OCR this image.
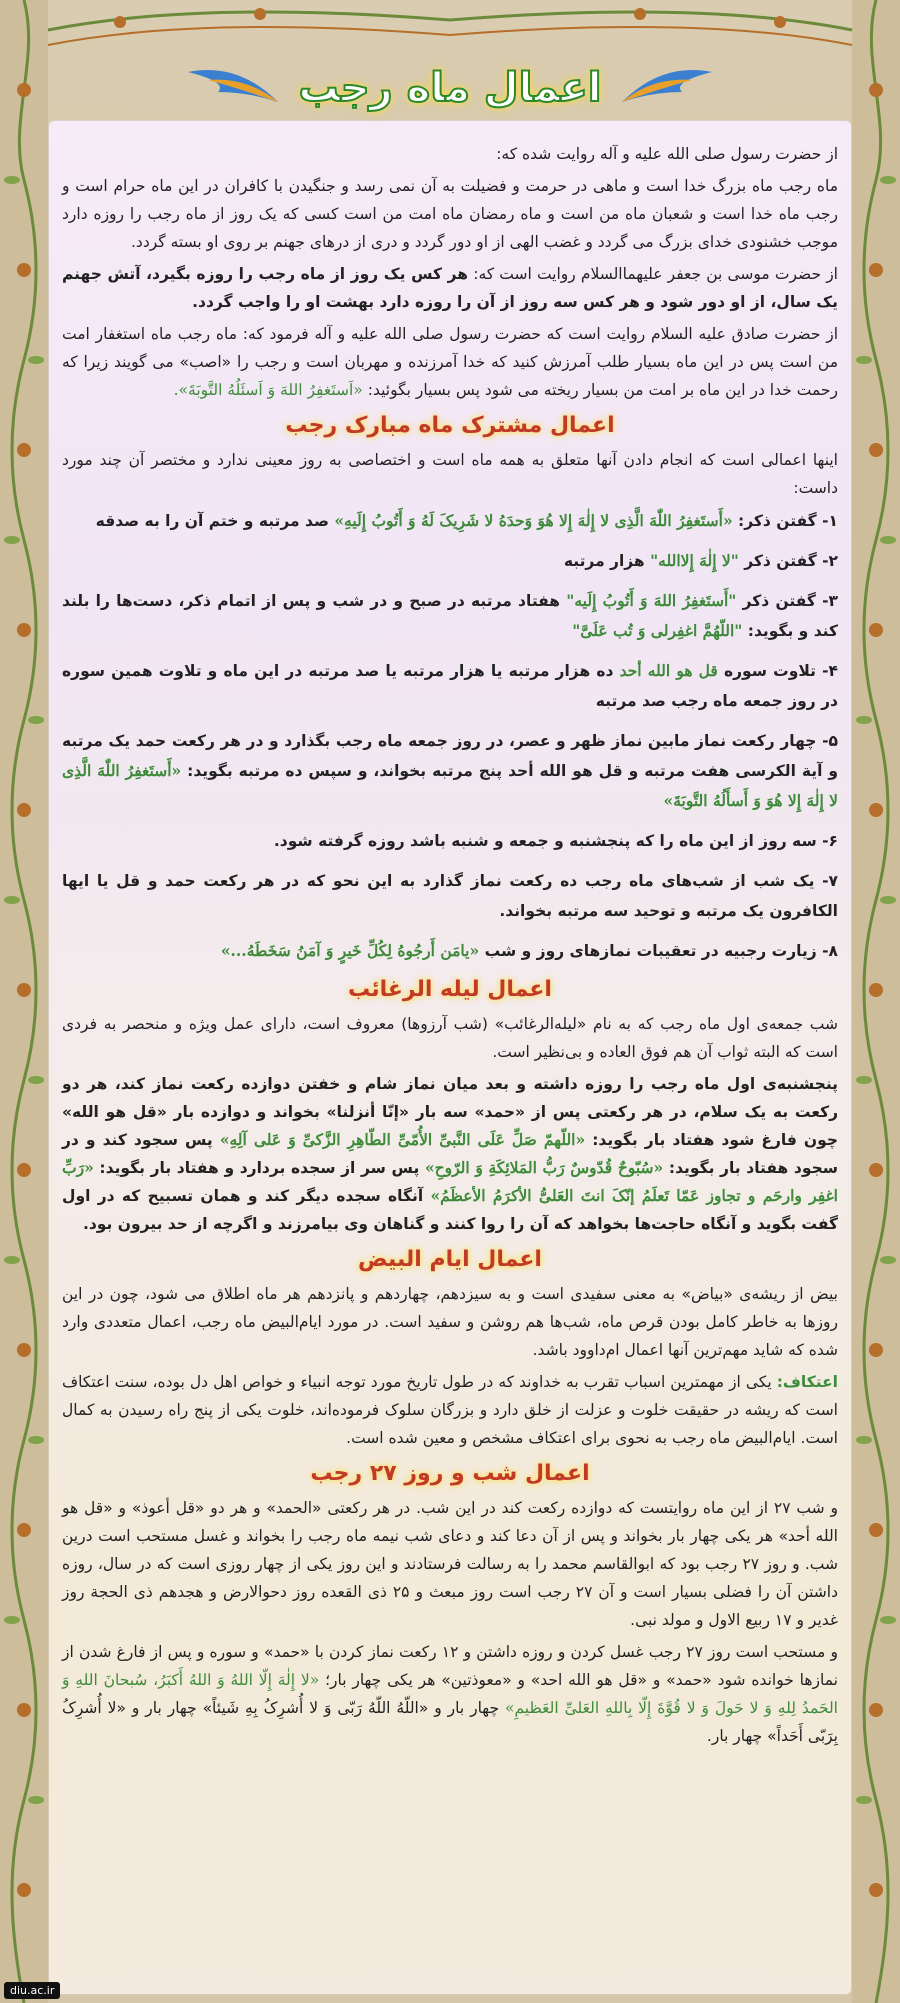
اعمال ماه رجب

از حضرت رسول صلی الله علیه و آله روایت شده که:

ماه رجب ماه بزرگ خدا است و ماهی در حرمت و فضیلت به آن نمی رسد و جنگیدن با کافران در این ماه حرام است و رجب ماه خدا است و شعبان ماه من است و ماه رمضان ماه امت من است کسی که یک روز از ماه رجب را روزه دارد موجب خشنودی خدای بزرگ می گردد و غضب الهی از او دور گردد و دری از درهای جهنم بر روی او بسته گردد.

از حضرت موسی بن جعفر علیهماالسلام روایت است که: هر کس یک روز از ماه رجب را روزه بگیرد، آتش جهنم یک سال، از او دور شود و هر کس سه روز از آن را روزه دارد بهشت او را واجب گردد.

از حضرت صادق علیه السلام روایت است که حضرت رسول صلی الله علیه و آله فرمود که: ماه رجب ماه استغفار امت من است پس در این ماه بسیار طلب آمرزش کنید که خدا آمرزنده و مهربان است و رجب را «اصب» می گویند زیرا که رحمت خدا در این ماه بر امت من بسیار ریخته می شود پس بسیار بگوئید: «اَستَغفِرُ اللهَ وَ اَسئَلُهُ التَّوبَةَ».

اعمال مشترک ماه مبارک رجب

اینها اعمالی است که انجام دادن آنها متعلق به همه ماه است و اختصاصی به روز معینی ندارد و مختصر آن چند مورد داست:

۱- گفتن ذکر: «أَستَغفِرُ اللّٰهَ الَّذِی لا إِلٰهَ إِلا هُوَ وَحدَهُ لا شَرِیکَ لَهُ وَ أَتُوبُ إِلَیهِ» صد مرتبه و ختم آن را به صدقه

۲- گفتن ذکر "لا إِلٰهَ إِلاالله" هزار مرتبه

۳- گفتن ذکر "أَستَغفِرُ اللهَ وَ أَتُوبُ إِلَیه" هفتاد مرتبه در صبح و در شب و پس از اتمام ذکر، دست‌ها را بلند کند و بگوید: "اللّهُمَّ اغفِرلی وَ تُب عَلَیَّ"

۴- تلاوت سوره قل هو الله أحد ده هزار مرتبه یا هزار مرتبه یا صد مرتبه در این ماه و تلاوت همین سوره در روز جمعه ماه رجب صد مرتبه

۵- چهار رکعت نماز مابین نماز ظهر و عصر، در روز جمعه ماه رجب بگذارد و در هر رکعت حمد یک مرتبه و آیة الکرسی هفت مرتبه و قل هو الله أحد پنج مرتبه بخواند، و سپس ده مرتبه بگوید: «أَستَغفِرُ اللّٰهَ الَّذِی لا إِلٰهَ إِلا هُوَ وَ أَسأَلُهُ التَّوبَةَ»

۶- سه روز از این ماه را که پنجشنبه و جمعه و شنبه باشد روزه گرفته شود.

۷- یک شب از شب‌های ماه رجب ده رکعت نماز گذارد به این نحو که در هر رکعت حمد و قل یا ایها الکافرون یک مرتبه و توحید سه مرتبه بخواند.

۸- زیارت رجبیه در تعقیبات نمازهای روز و شب «یامَن أَرجُوهُ لِکُلِّ خَیرٍ وَ آمَنُ سَخَطَهُ...»

اعمال لیله الرغائب

شب جمعه‌ی اول ماه رجب که به نام «لیله‌الرغائب» (شب آرزوها) معروف است، دارای عمل ویژه و منحصر به فردی است که البته ثواب آن هم فوق العاده و بی‌نظیر است.

پنجشنبه‌ی اول ماه رجب را روزه داشته و بعد میان نماز شام و خفتن دوازده رکعت نماز کند، هر دو رکعت به یک سلام، در هر رکعتی پس از «حمد» سه بار «إنّا أنزلنا» بخواند و دوازده بار «قل هو الله» چون فارغ شود هفتاد بار بگوید: «اللّهمّ صَلِّ عَلَی النَّبیِّ الأُمّیِّ الطّاهِرِ الزَّکیِّ وَ عَلی آلِهِ» پس سجود کند و در سجود هفتاد بار بگوید: «سُبّوحٌ قُدّوسٌ رَبُّ المَلائِکَةِ وَ الرّوحِ» پس سر از سجده بردارد و هفتاد بار بگوید: «رَبِّ اغفِر وارحَم و تجاوز عَمّا تَعلَمُ إنّکَ انتَ العَلیُّ الأکرَمُ الأعظَمُ» آنگاه سجده دیگر کند و همان تسبیح که در اول گفت بگوید و آنگاه حاجت‌ها بخواهد که آن را روا کنند و گناهان وی بیامرزند و اگرچه از حد بیرون بود.

اعمال ایام البیض

بیض از ریشه‌ی «بیاض» به معنی سفیدی است و به سیزدهم، چهاردهم و پانزدهم هر ماه اطلاق می شود، چون در این روزها به خاطر کامل بودن قرص ماه، شب‌ها هم روشن و سفید است. در مورد ایام‌البیض ماه رجب، اعمال متعددی وارد شده که شاید مهم‌ترین آنها اعمال ام‌داوود باشد.

اعتکاف: یکی از مهمترین اسباب تقرب به خداوند که در طول تاریخ مورد توجه انبیاء و خواص اهل دل بوده، سنت اعتکاف است که ریشه در حقیقت خلوت و عزلت از خلق دارد و بزرگان سلوک فرموده‌اند، خلوت یکی از پنج راه رسیدن به کمال است. ایام‌البیض ماه رجب به نحوی برای اعتکاف مشخص و معین شده است.

اعمال شب و روز ۲۷ رجب

و شب ۲۷ از این ماه روایتست که دوازده رکعت کند در این شب. در هر رکعتی «الحمد» و هر دو «قل أعوذ» و «قل هو الله أحد» هر یکی چهار بار بخواند و پس از آن دعا کند و دعای شب نیمه ماه رجب را بخواند و غسل مستحب است درین شب. و روز ۲۷ رجب بود که ابوالقاسم محمد را به رسالت فرستادند و این روز یکی از چهار روزی است که در سال، روزه داشتن آن را فضلی بسیار است و آن ۲۷ رجب است روز مبعث و ۲۵ ذی القعده روز دحوالارض و هجدهم ذی الحجة روز غدیر و ۱۷ ربیع الاول و مولد نبی.

و مستحب است روز ۲۷ رجب غسل کردن و روزه داشتن و ۱۲ رکعت نماز کردن با «حمد» و سوره و پس از فارغ شدن از نمازها خوانده شود «حمد» و «قل هو الله احد» و «معوذتین» هر یکی چهار بار؛ «لا إِلٰهَ إِلّا اللهُ وَ اللهُ أَکبَرُ، سُبحانَ اللهِ وَ الحَمدُ لِلهِ وَ لا حَولَ وَ لا قُوَّةَ إِلّا بِاللهِ العَلیِّ العَظیمِ» چهار بار و «اللّهُ اللّهُ رَبّی وَ لا أُشرِکُ بِهِ شَیئاً» چهار بار و «لا أُشرِکُ بِرَبّی أَحَداً» چهار بار.

diu.ac.ir
